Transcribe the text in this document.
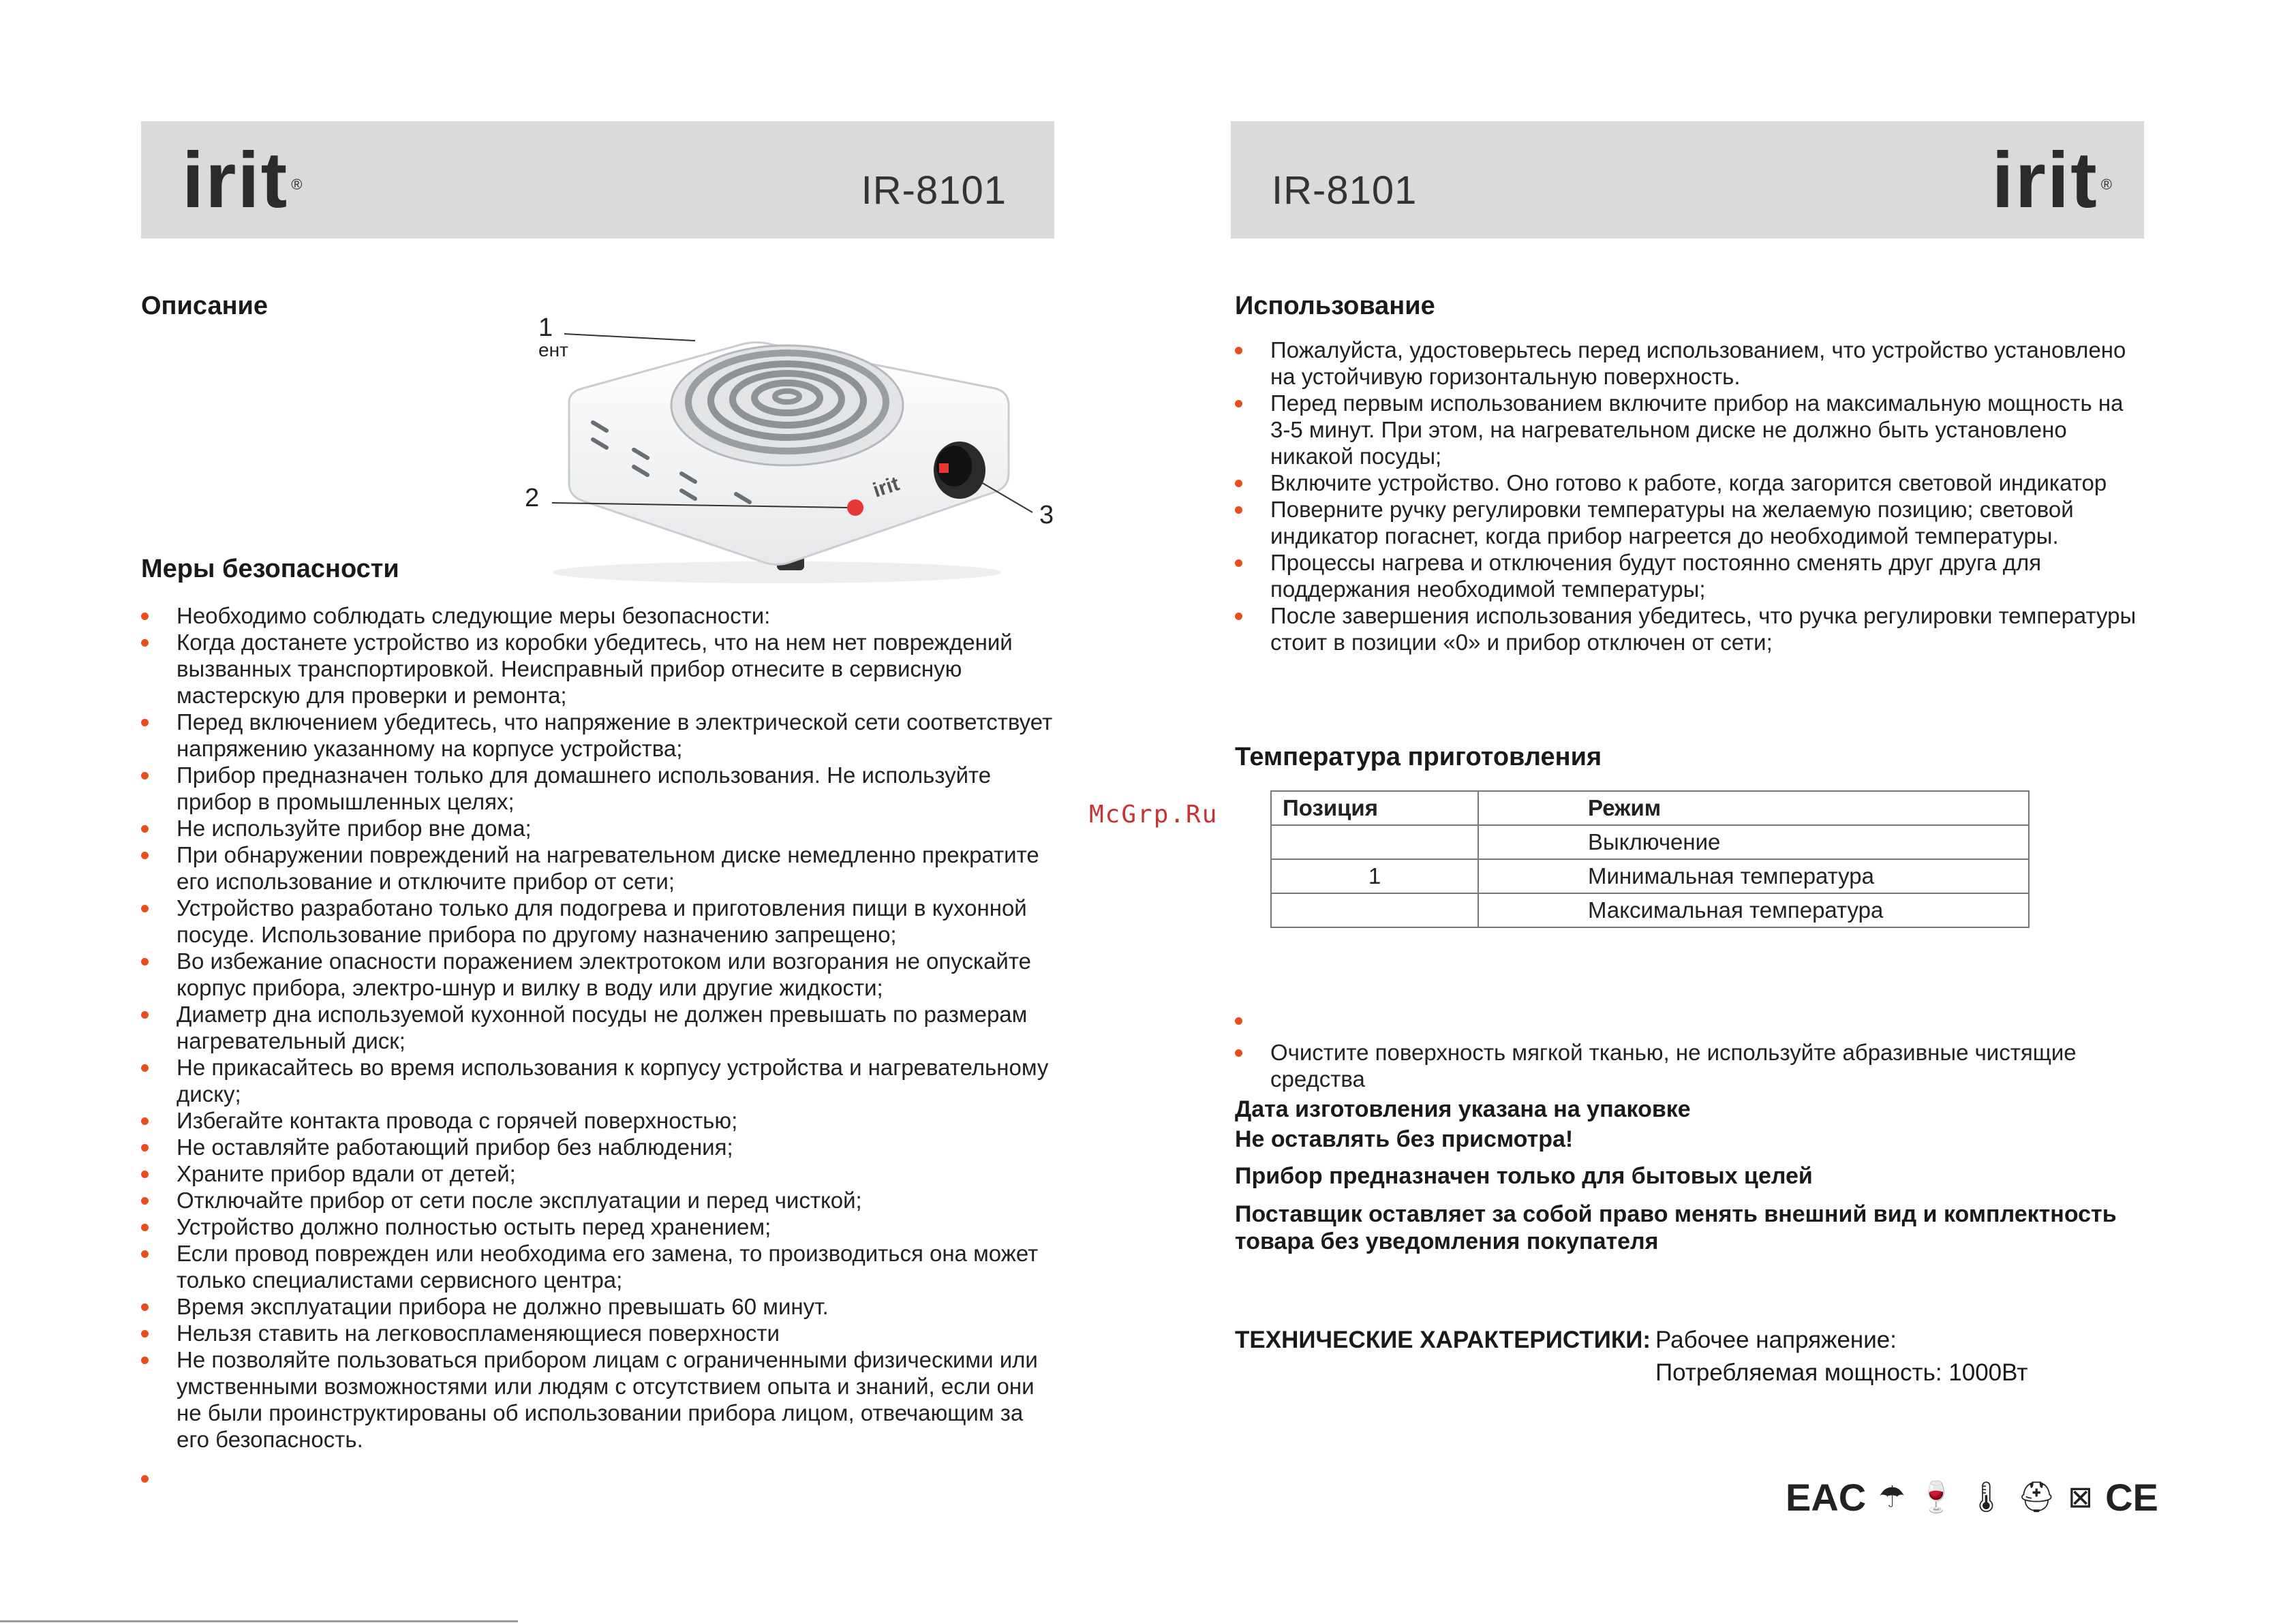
irit ®	IR-8101
Описание
irit
1
ент
2
3
Меры безопасности
Необходимо соблюдать следующие меры безопасности:
Когда достанете устройство из коробки убедитесь, что на нем нет повреждений вызванных транспортировкой. Неисправный прибор отнесите в сервисную мастерскую для проверки и ремонта;
Перед включением убедитесь, что напряжение в электрической сети соответствует напряжению указанному на корпусе устройства;
Прибор предназначен только для домашнего использования. Не используйте прибор в промышленных целях;
Не используйте прибор вне дома;
При обнаружении повреждений на нагревательном диске немедленно прекратите его использование и отключите прибор от сети;
Устройство разработано только для подогрева и приготовления пищи в кухонной посуде. Использование прибора по другому назначению запрещено;
Во избежание опасности поражением электротоком или возгорания не опускайте корпус прибора, электро-шнур и вилку в воду или другие жидкости;
Диаметр дна используемой кухонной посуды не должен превышать по размерам нагревательный диск;
Не прикасайтесь во время использования к корпусу устройства и нагревательному диску;
Избегайте контакта провода с горячей поверхностью;
Не оставляйте работающий прибор без наблюдения;
Храните прибор вдали от детей;
Отключайте прибор от сети после эксплуатации и перед чисткой;
Устройство должно полностью остыть перед хранением;
Если провод поврежден или необходима его замена, то производиться она может только специалистами сервисного центра;
Время эксплуатации прибора не должно превышать 60 минут.
Нельзя ставить на легковоспламеняющиеся поверхности
Не позволяйте пользоваться прибором лицам с ограниченными физическими или умственными возможностями или людям с отсутствием опыта и знаний, если они не были проинструктированы об использовании прибора лицом, отвечающим за его безопасность.
McGrp.Ru
IR-8101	irit ®
Использование
Пожалуйста, удостоверьтесь перед использованием, что устройство установлено на устойчивую горизонтальную поверхность.
Перед первым использованием включите прибор на максимальную мощность на 3-5 минут. При этом, на нагревательном диске не должно быть установлено никакой посуды;
Включите устройство. Оно готово к работе, когда загорится световой индикатор
Поверните ручку регулировки температуры на желаемую позицию; световой индикатор погаснет, когда прибор нагреется до необходимой температуры.
Процессы нагрева и отключения будут постоянно сменять друг друга для поддержания необходимой температуры;
После завершения использования убедитесь, что ручка регулировки температуры стоит в позиции «0» и прибор отключен от сети;
Температура приготовления
Позиция	Режим
	Выключение
1	Минимальная температура
	Максимальная температура
Очистите поверхность мягкой тканью, не используйте абразивные чистящие средства

Дата изготовления указана на упаковке

Не оставлять без присмотра!

Прибор предназначен только для бытовых целей

Поставщик оставляет за собой право менять внешний вид и комплектность товара без уведомления покупателя

ТЕХНИЧЕСКИЕ ХАРАКТЕРИСТИКИ: Рабочее напряжение:
Потребляемая мощность: 1000Вт
EAC ☂ 🍷 🌡 ⛑ ⊠ CE
